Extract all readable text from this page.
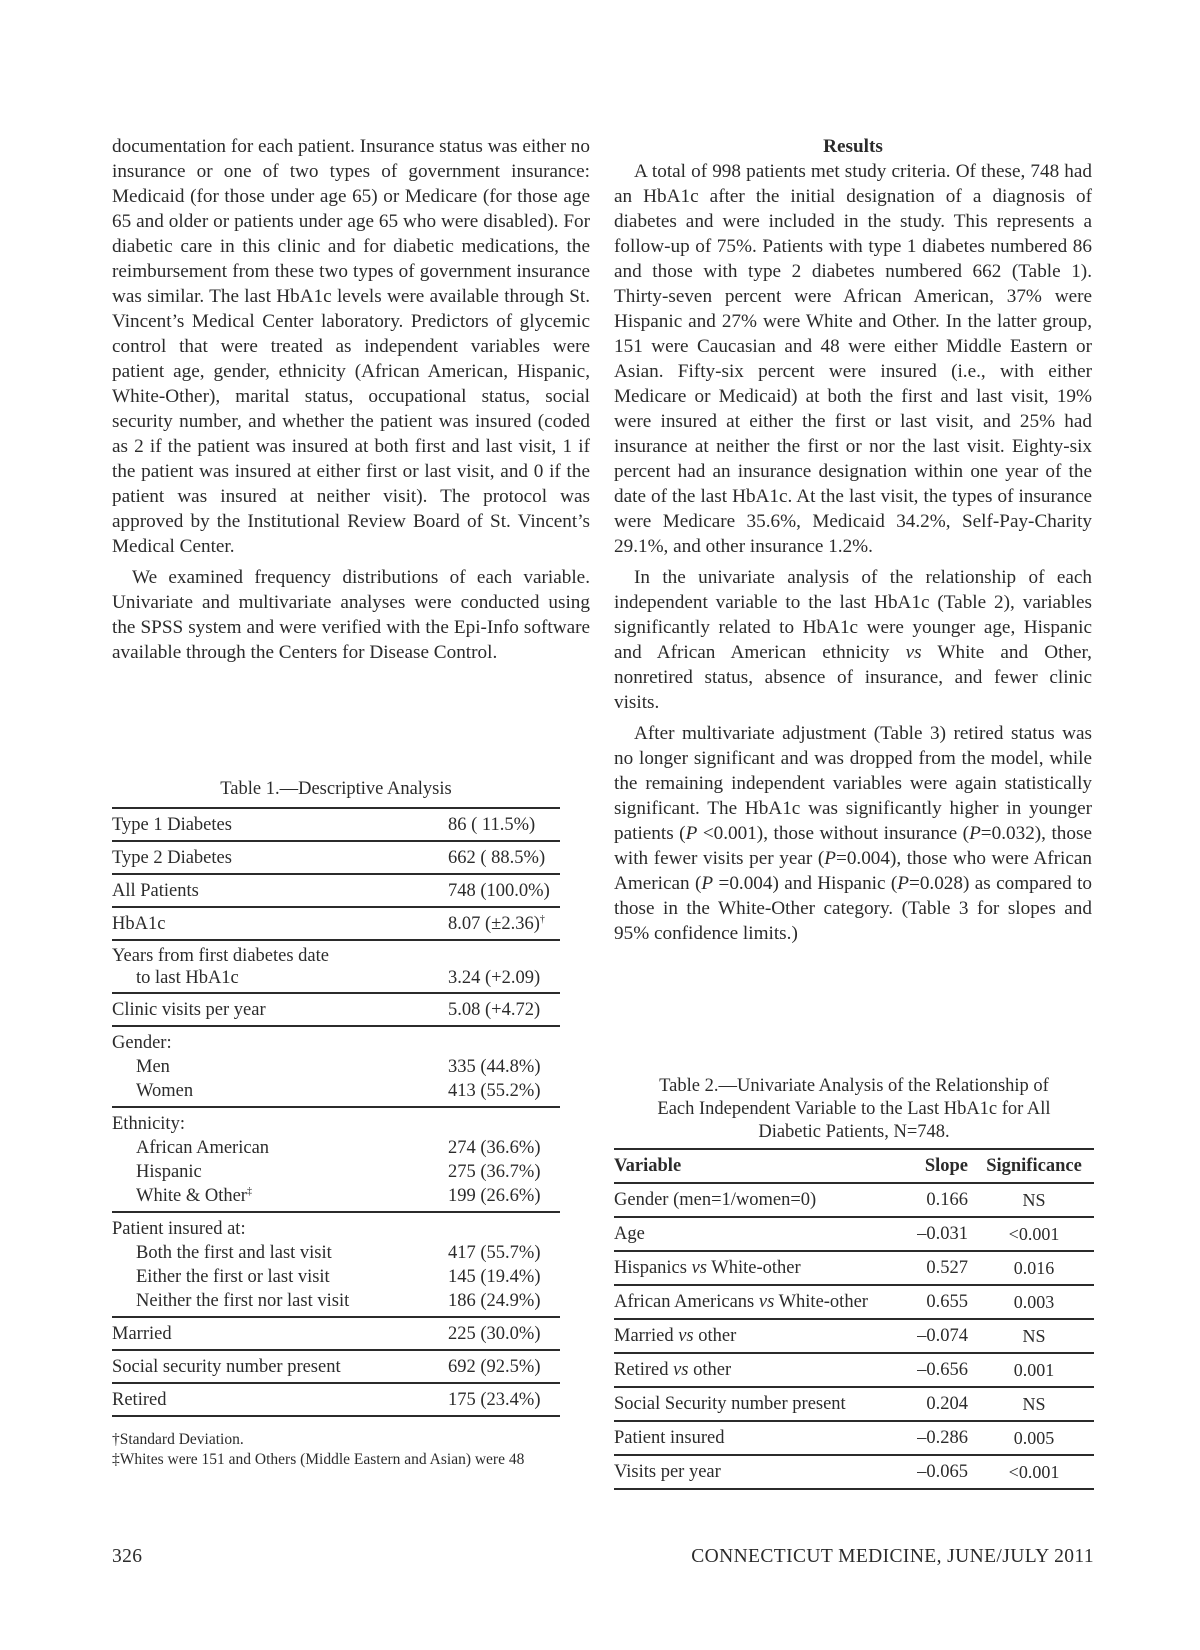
documentation for each patient. Insurance status was either no insurance or one of two types of government insurance: Medicaid (for those under age 65) or Medicare (for those age 65 and older or patients under age 65 who were disabled). For diabetic care in this clinic and for diabetic medications, the reimbursement from these two types of government insurance was similar. The last HbA1c levels were available through St. Vincent’s Medical Center laboratory. Predictors of glycemic control that were treated as independent variables were patient age, gender, ethnicity (African American, Hispanic, White-Other), marital status, occupational status, social security number, and whether the patient was insured (coded as 2 if the patient was insured at both first and last visit, 1 if the patient was insured at either first or last visit, and 0 if the patient was insured at neither visit). The protocol was approved by the Institutional Review Board of St. Vincent’s Medical Center.

We examined frequency distributions of each variable. Univariate and multivariate analyses were conducted using the SPSS system and were verified with the Epi-Info software available through the Centers for Disease Control.

Results

A total of 998 patients met study criteria. Of these, 748 had an HbA1c after the initial designation of a diagnosis of diabetes and were included in the study. This represents a follow-up of 75%. Patients with type 1 diabetes numbered 86 and those with type 2 diabetes numbered 662 (Table 1). Thirty-seven percent were African American, 37% were Hispanic and 27% were White and Other. In the latter group, 151 were Caucasian and 48 were either Middle Eastern or Asian. Fifty-six percent were insured (i.e., with either Medicare or Medicaid) at both the first and last visit, 19% were insured at either the first or last visit, and 25% had insurance at neither the first or nor the last visit. Eighty-six percent had an insurance designation within one year of the date of the last HbA1c. At the last visit, the types of insurance were Medicare 35.6%, Medicaid 34.2%, Self-Pay-Charity 29.1%, and other insurance 1.2%.

In the univariate analysis of the relationship of each independent variable to the last HbA1c (Table 2), variables significantly related to HbA1c were younger age, Hispanic and African American ethnicity vs White and Other, nonretired status, absence of insurance, and fewer clinic visits.

After multivariate adjustment (Table 3) retired status was no longer significant and was dropped from the model, while the remaining independent variables were again statistically significant. The HbA1c was significantly higher in younger patients (P <0.001), those without insurance (P=0.032), those with fewer visits per year (P=0.004), those who were African American (P =0.004) and Hispanic (P=0.028) as compared to those in the White-Other category. (Table 3 for slopes and 95% confidence limits.)

Table 1.—Descriptive Analysis
Type 1 Diabetes	86 ( 11.5%)
Type 2 Diabetes	662 ( 88.5%)
All Patients	748 (100.0%)
HbA1c	8.07 (±2.36)†
Years from first diabetes date
to last HbA1c	3.24 (+2.09)
Clinic visits per year	5.08 (+4.72)
Gender:
Men	335 (44.8%)
Women	413 (55.2%)
Ethnicity:
African American	274 (36.6%)
Hispanic	275 (36.7%)
White & Other‡	199 (26.6%)
Patient insured at:
Both the first and last visit	417 (55.7%)
Either the first or last visit	145 (19.4%)
Neither the first nor last visit	186 (24.9%)
Married	225 (30.0%)
Social security number present	692 (92.5%)
Retired	175 (23.4%)
†Standard Deviation.
‡Whites were 151 and Others (Middle Eastern and Asian) were 48
Table 2.—Univariate Analysis of the Relationship of Each Independent Variable to the Last HbA1c for All Diabetic Patients, N=748.
Variable	Slope	Significance
Gender (men=1/women=0)	0.166	NS
Age	–0.031	<0.001
Hispanics vs White-other	0.527	0.016
African Americans vs White-other	0.655	0.003
Married vs other	–0.074	NS
Retired vs other	–0.656	0.001
Social Security number present	0.204	NS
Patient insured	–0.286	0.005
Visits per year	–0.065	<0.001
326	CONNECTICUT MEDICINE, JUNE/JULY 2011
